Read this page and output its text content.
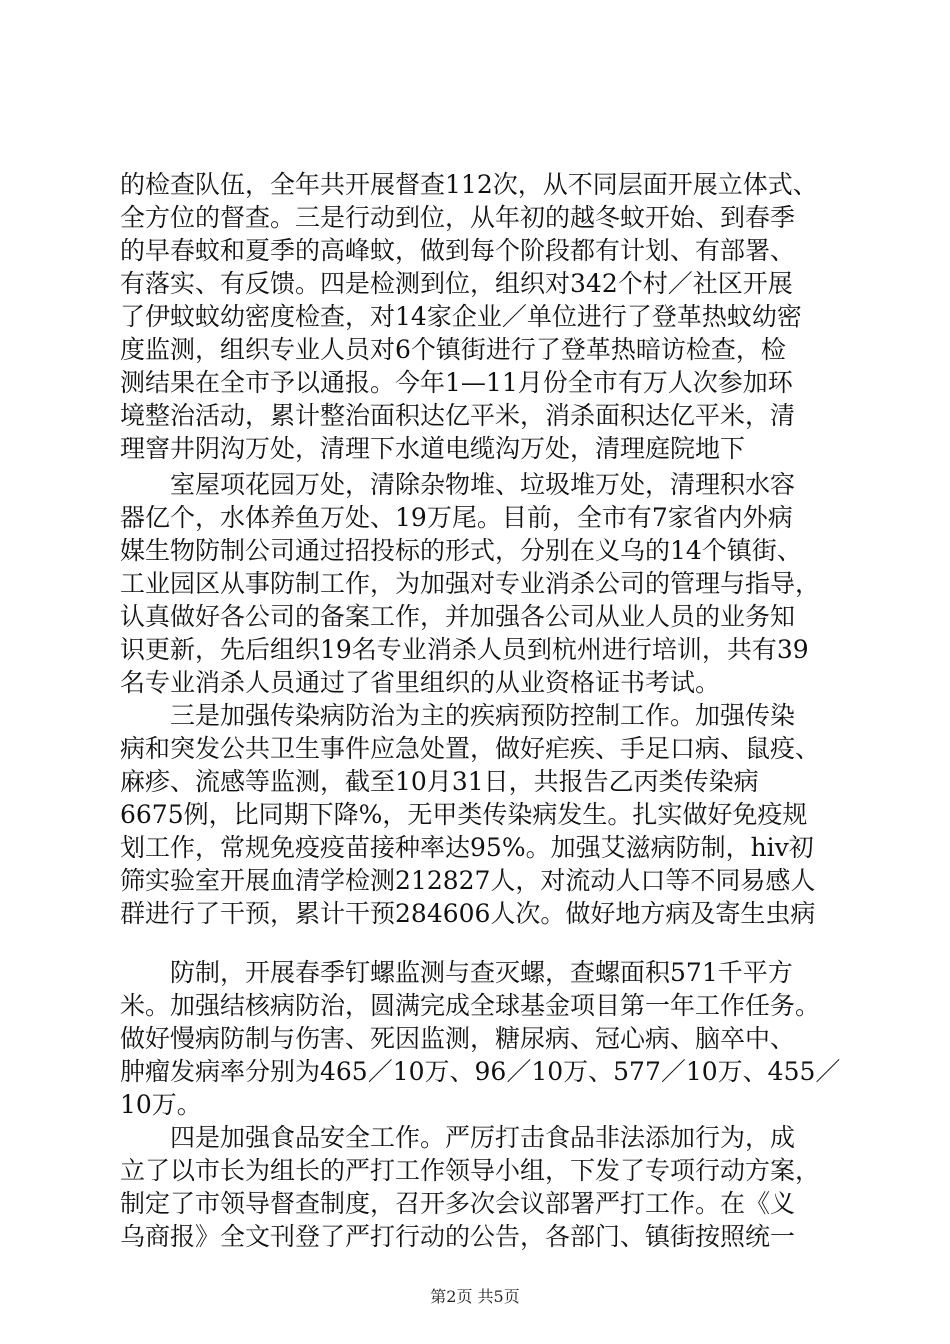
的检查队伍，全年共开展督查112次，从不同层面开展立体式、
全方位的督查。三是行动到位，从年初的越冬蚊开始、到春季
的早春蚊和夏季的高峰蚊，做到每个阶段都有计划、有部署、
有落实、有反馈。四是检测到位，组织对342个村／社区开展
了伊蚊蚊幼密度检查，对14家企业／单位进行了登革热蚊幼密
度监测，组织专业人员对6个镇街进行了登革热暗访检查，检
测结果在全市予以通报。今年1—11月份全市有万人次参加环
境整治活动，累计整治面积达亿平米，消杀面积达亿平米，清
理窨井阴沟万处，清理下水道电缆沟万处，清理庭院地下
　　室屋项花园万处，清除杂物堆、垃圾堆万处，清理积水容
器亿个，水体养鱼万处、19万尾。目前，全市有7家省内外病
媒生物防制公司通过招投标的形式，分别在义乌的14个镇街、
工业园区从事防制工作，为加强对专业消杀公司的管理与指导，
认真做好各公司的备案工作，并加强各公司从业人员的业务知
识更新，先后组织19名专业消杀人员到杭州进行培训，共有39
名专业消杀人员通过了省里组织的从业资格证书考试。
　　三是加强传染病防治为主的疾病预防控制工作。加强传染
病和突发公共卫生事件应急处置，做好疟疾、手足口病、鼠疫、
麻疹、流感等监测，截至10月31日，共报告乙丙类传染病
6675例，比同期下降%，无甲类传染病发生。扎实做好免疫规
划工作，常规免疫疫苗接种率达95%。加强艾滋病防制，hiv初
筛实验室开展血清学检测212827人，对流动人口等不同易感人
群进行了干预，累计干预284606人次。做好地方病及寄生虫病
　　防制，开展春季钉螺监测与查灭螺，查螺面积571千平方
米。加强结核病防治，圆满完成全球基金项目第一年工作任务。
做好慢病防制与伤害、死因监测，糖尿病、冠心病、脑卒中、
肿瘤发病率分别为465／10万、96／10万、577／10万、455／
10万。
　　四是加强食品安全工作。严厉打击食品非法添加行为，成
立了以市长为组长的严打工作领导小组，下发了专项行动方案，
制定了市领导督查制度，召开多次会议部署严打工作。在《义
乌商报》全文刊登了严打行动的公告，各部门、镇街按照统一
第2页 共5页
